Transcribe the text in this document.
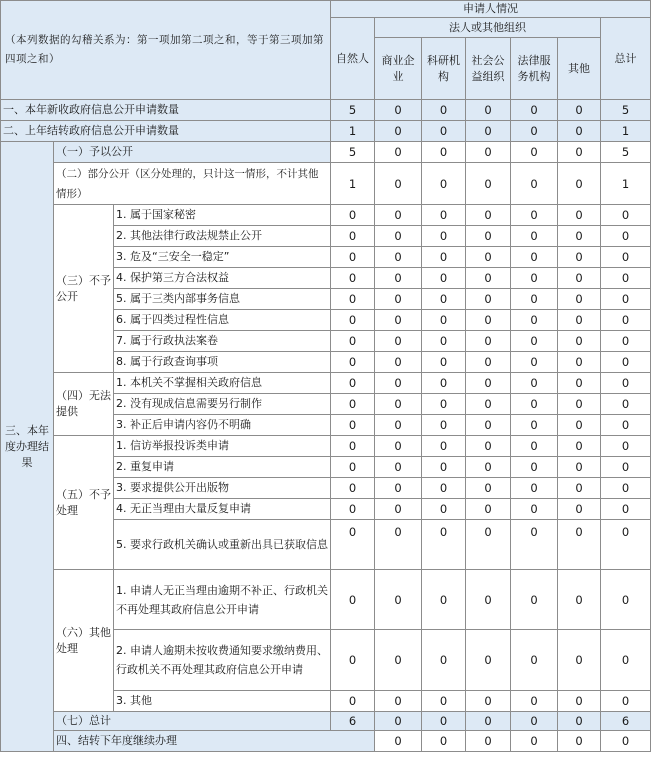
（本列数据的勾稽关系为：第一项加第二项之和，等于第三项加第四项之和）			申请人情况							
			自然人	法人或其他组织					总计	
				商业企业	科研机构	社会公益组织	法律服务机构	其他		
一、本年新收政府信息公开申请数量			5	0	0	0	0	0	5	
二、上年结转政府信息公开申请数量			1	0	0	0	0	0	1	
三、本年度办理结果	（一）予以公开		5	0	0	0	0	0	5	
	（二）部分公开（区分处理的，只计这一情形，不计其他情形）		1	0	0	0	0	0	1	
	（三）不予公开	1. 属于国家秘密	0	0	0	0	0	0	0	
		2. 其他法律行政法规禁止公开	0	0	0	0	0	0	0	
		3. 危及“三安全一稳定”	0	0	0	0	0	0	0	
		4. 保护第三方合法权益	0	0	0	0	0	0	0	
		5. 属于三类内部事务信息	0	0	0	0	0	0	0	
		6. 属于四类过程性信息	0	0	0	0	0	0	0	
		7. 属于行政执法案卷	0	0	0	0	0	0	0	
		8. 属于行政查询事项	0	0	0	0	0	0	0	
	（四）无法提供	1. 本机关不掌握相关政府信息	0	0	0	0	0	0	0	
		2. 没有现成信息需要另行制作	0	0	0	0	0	0	0	
		3. 补正后申请内容仍不明确	0	0	0	0	0	0	0	
	（五）不予处理	1. 信访举报投诉类申请	0	0	0	0	0	0	0	
		2. 重复申请	0	0	0	0	0	0	0	
		3. 要求提供公开出版物	0	0	0	0	0	0	0	
		4. 无正当理由大量反复申请	0	0	0	0	0	0	0	
		5. 要求行政机关确认或重新出具已获取信息	0	0	0	0	0	0	0	
	（六）其他处理	1. 申请人无正当理由逾期不补正、行政机关不再处理其政府信息公开申请	0	0	0	0	0	0	0	
		2. 申请人逾期未按收费通知要求缴纳费用、行政机关不再处理其政府信息公开申请	0	0	0	0	0	0	0	
		3. 其他	0	0	0	0	0	0	0	
	（七）总计		6	0	0	0	0	0	6	
	四、结转下年度继续办理			0	0	0	0	0	0	
